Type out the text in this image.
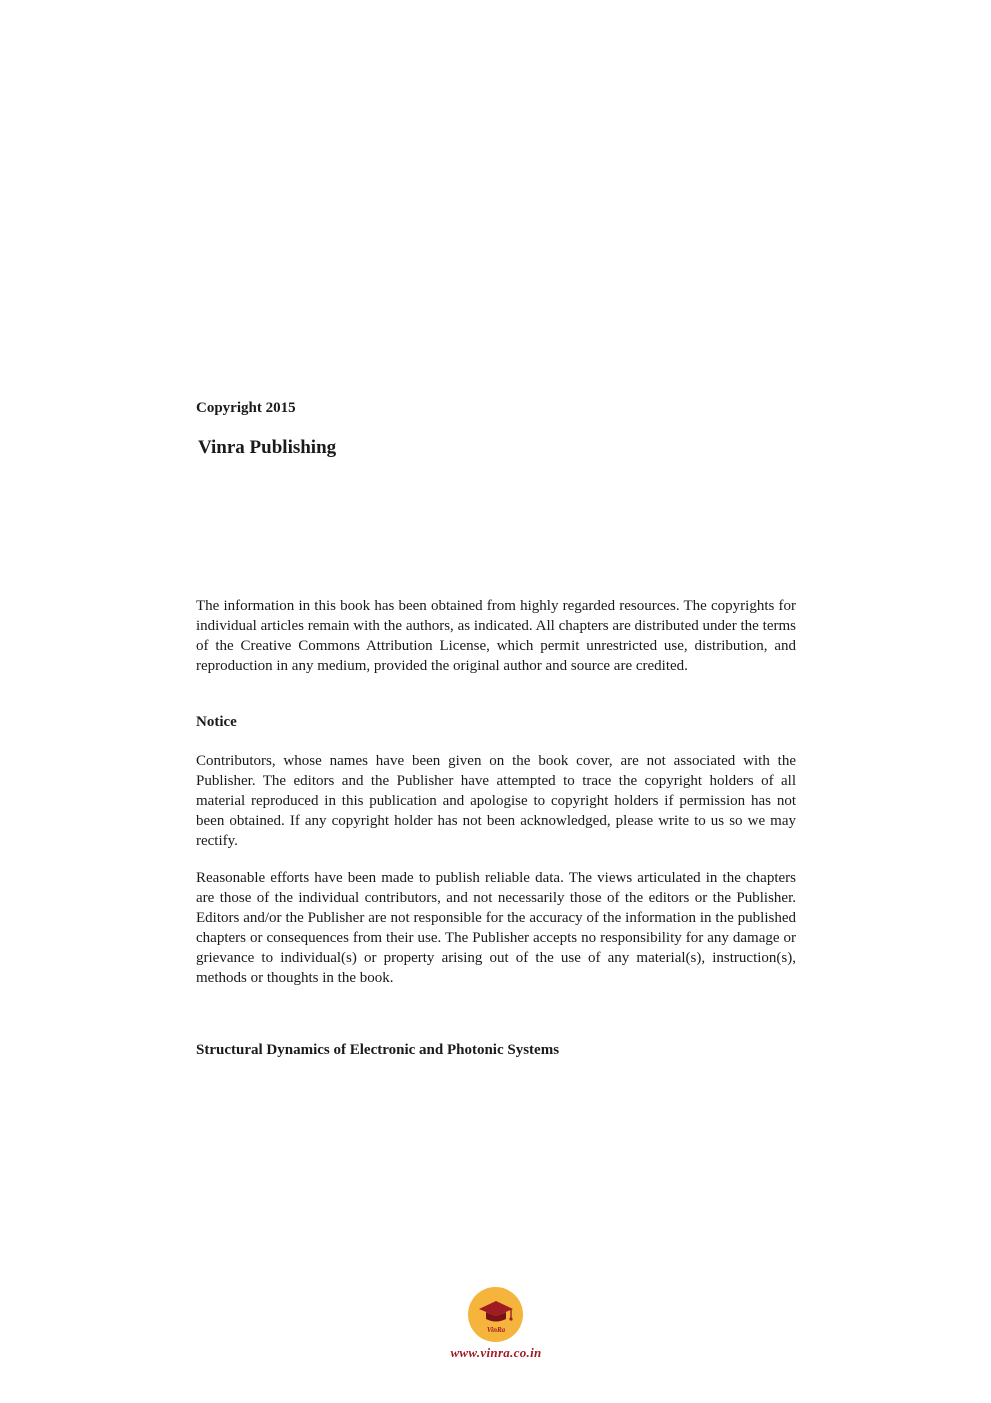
Copyright 2015
Vinra Publishing

The information in this book has been obtained from highly regarded resources. The copyrights for individual articles remain with the authors, as indicated. All chapters are distributed under the terms of the Creative Commons Attribution License, which permit unrestricted use, distribution, and reproduction in any medium, provided the original author and source are credited.

Notice

Contributors, whose names have been given on the book cover, are not associated with the Publisher. The editors and the Publisher have attempted to trace the copyright holders of all material reproduced in this publication and apologise to copyright holders if permission has not been obtained. If any copyright holder has not been acknowledged, please write to us so we may rectify.

Reasonable efforts have been made to publish reliable data. The views articulated in the chapters are those of the individual contributors, and not necessarily those of the editors or the Publisher. Editors and/or the Publisher are not responsible for the accuracy of the information in the published chapters or consequences from their use. The Publisher accepts no responsibility for any damage or grievance to individual(s) or property arising out of the use of any material(s), instruction(s), methods or thoughts in the book.

Structural Dynamics of Electronic and Photonic Systems
VinRa
www.vinra.co.in
